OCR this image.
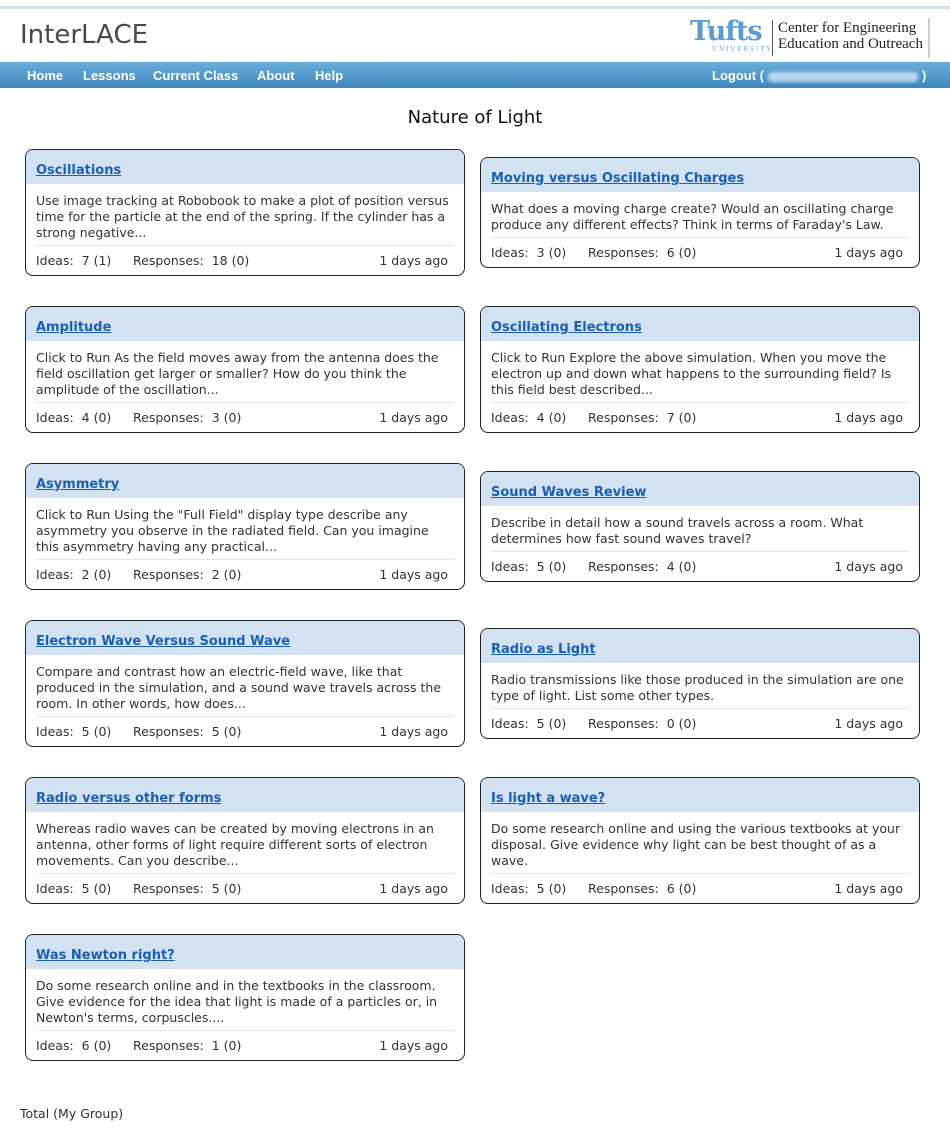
InterLACE	Tufts
UNIVERSITY
Center for Engineering Education and Outreach
Home Lessons Current Class About Help	Logout (	)
Nature of Light
Oscillations
Use image tracking at Robobook to make a plot of position versus time for the particle at the end of the spring. If the cylinder has a strong negative...
Ideas:  7 (1) Responses:  18 (0)	1 days ago
Amplitude
Click to Run As the field moves away from the antenna does the field oscillation get larger or smaller? How do you think the amplitude of the oscillation...
Ideas:  4 (0) Responses:  3 (0)	1 days ago
Asymmetry
Click to Run Using the "Full Field" display type describe any asymmetry you observe in the radiated field. Can you imagine this asymmetry having any practical...
Ideas:  2 (0) Responses:  2 (0)	1 days ago
Electron Wave Versus Sound Wave
Compare and contrast how an electric-field wave, like that produced in the simulation, and a sound wave travels across the room. In other words, how does...
Ideas:  5 (0) Responses:  5 (0)	1 days ago
Radio versus other forms
Whereas radio waves can be created by moving electrons in an antenna, other forms of light require different sorts of electron movements. Can you describe...
Ideas:  5 (0) Responses:  5 (0)	1 days ago
Was Newton right?
Do some research online and in the textbooks in the classroom. Give evidence for the idea that light is made of a particles or, in Newton's terms, corpuscles....
Ideas:  6 (0) Responses:  1 (0)	1 days ago
Moving versus Oscillating Charges
What does a moving charge create? Would an oscillating charge produce any different effects? Think in terms of Faraday's Law.
Ideas:  3 (0) Responses:  6 (0)	1 days ago
Oscillating Electrons
Click to Run Explore the above simulation. When you move the electron up and down what happens to the surrounding field? Is this field best described...
Ideas:  4 (0) Responses:  7 (0)	1 days ago
Sound Waves Review
Describe in detail how a sound travels across a room. What determines how fast sound waves travel?
Ideas:  5 (0) Responses:  4 (0)	1 days ago
Radio as Light
Radio transmissions like those produced in the simulation are one type of light. List some other types.
Ideas:  5 (0) Responses:  0 (0)	1 days ago
Is light a wave?
Do some research online and using the various textbooks at your disposal. Give evidence why light can be best thought of as a wave.
Ideas:  5 (0) Responses:  6 (0)	1 days ago
Total (My Group)
